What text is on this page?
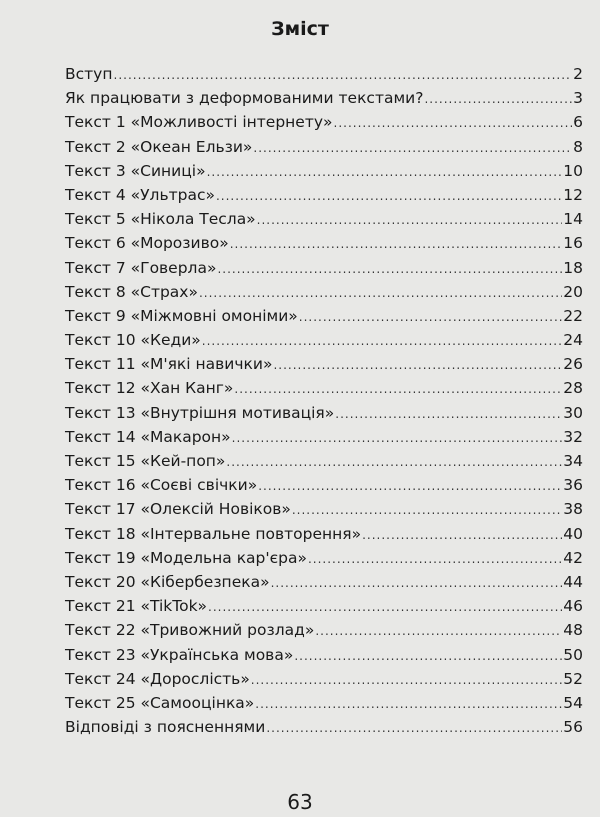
Зміст
Вступ .....	2
Як працювати з деформованими текстами? .....	3
Текст 1 «Можливості інтернету» .....	6
Текст 2 «Океан Ельзи» .....	8
Текст 3 «Синиці» .....	10
Текст 4 «Ультрас» .....	12
Текст 5 «Нікола Тесла» .....	14
Текст 6 «Морозиво» .....	16
Текст 7 «Говерла» .....	18
Текст 8 «Страх» .....	20
Текст 9 «Міжмовні омоніми» .....	22
Текст 10 «Кеди» .....	24
Текст 11 «М'які навички» .....	26
Текст 12 «Хан Канг» .....	28
Текст 13 «Внутрішня мотивація» .....	30
Текст 14 «Макарон» .....	32
Текст 15 «Кей-поп» .....	34
Текст 16 «Соєві свічки» .....	36
Текст 17 «Олексій Новіков» .....	38
Текст 18 «Інтервальне повторення» .....	40
Текст 19 «Модельна кар'єра» .....	42
Текст 20 «Кібербезпека» .....	44
Текст 21 «TikTok» .....	46
Текст 22 «Тривожний розлад» .....	48
Текст 23 «Українська мова» .....	50
Текст 24 «Дорослість» .....	52
Текст 25 «Самооцінка» .....	54
Відповіді з поясненнями .....	56
63
